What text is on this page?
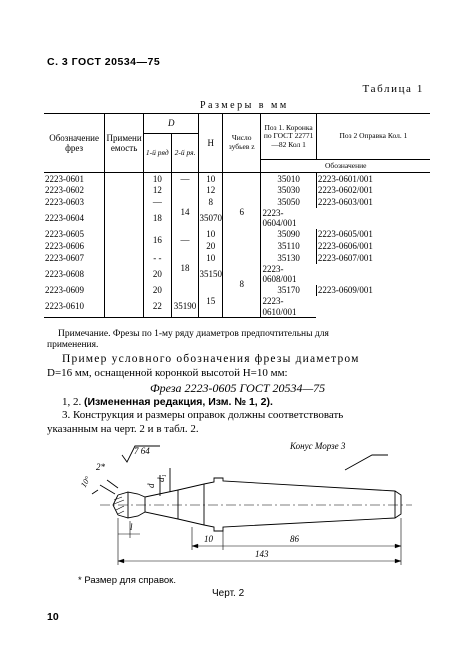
С. 3 ГОСТ 20534—75
Таблица 1
Размеры в мм
Обозначение фрез	Примени емость	D		Н	Число зубьев z	Поз 1. Коронка по ГОСТ 22771—82 Кол 1	Поз 2 Оправка Кол. 1
		1-й ряд	2-й ря.				
						Обозначение	
2223-0601		10	—	10	6	35010	2223-0601/001
2223-0602		12		12		35030	2223-0602/001
2223-0603		—	14	8		35050	2223-0603/001
2223-0604		18		35070		2223-0604/001	
2223-0605		16	—	10		35090	2223-0605/001
2223-0606				20		35110	2223-0606/001
2223-0607		- -	18	10	8	35130	2223-0607/001
2223-0608		20		35150		2223-0608/001	
2223-0609		20		15		35170	2223-0609/001
2223-0610		22	35190			2223-0610/001	
Примечание. Фрезы по 1-му ряду диаметров предпочтительны для
применения.
Пример условного обозначения фрезы диаметром
D=16 мм, оснащенной коронкой высотой H=10 мм:
Фреза 2223-0605 ГОСТ 20534—75
1, 2. (Измененная редакция, Изм. № 1, 2).
3. Конструкция и размеры оправок должны соответствовать
указанным на черт. 2 и в табл. 2.
7 64	Конус Морзе 3
2*
10°	d₁
d
l
10	86
143
* Размер для справок.
Черт. 2
10
